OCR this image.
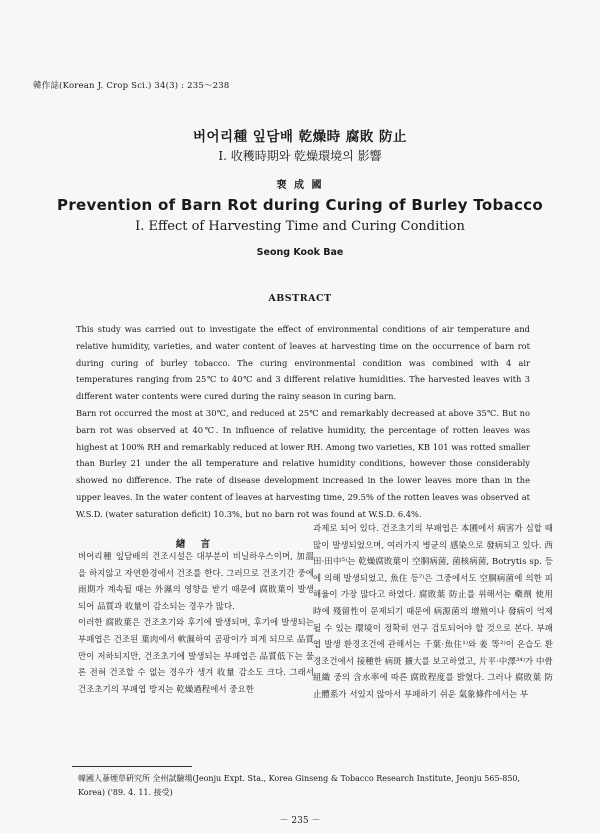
韓作誌(Korean J. Crop Sci.) 34(3) : 235～238
버어리種 잎담배 乾燥時 腐敗 防止
Ⅰ. 收穫時期와 乾燥環境의 影響
裵 成 國
Prevention of Barn Rot during Curing of Burley Tobacco
Ⅰ. Effect of Harvesting Time and Curing Condition
Seong Kook Bae
ABSTRACT

This study was carried out to investigate the effect of environmental conditions of air temperature and relative humidity, varieties, and water content of leaves at harvesting time on the occurrence of barn rot during curing of burley tobacco. The curing environmental condition was combined with 4 air temperatures ranging from 25℃ to 40℃ and 3 different relative humidities. The harvested leaves with 3 different water contents were cured during the rainy season in curing barn.

Barn rot occurred the most at 30℃, and reduced at 25℃ and remarkably decreased at above 35℃. But no barn rot was observed at 40℃. In influence of relative humidity, the percentage of rotten leaves was highest at 100% RH and remarkably reduced at lower RH. Among two varieties, KB 101 was rotted smaller than Burley 21 under the all temperature and relative humidity conditions, however those considerably showed no difference. The rate of disease development increased in the lower leaves more than in the upper leaves. In the water content of leaves at harvesting time, 29.5% of the rotten leaves was observed at W.S.D. (water saturation deficit) 10.3%, but no barn rot was found at W.S.D. 6.4%.

緖 言

버어리種 잎담배의 건조시설은 대부분이 비닐하우스이며, 加溫을 하지않고 자연환경에서 건조를 한다. 그러므로 건조기간 중에 雨期가 계속될 때는 外濕의 영향을 받기 때문에 腐敗葉이 발생되어 品質과 收量이 감소되는 경우가 많다.

이러한 腐敗葉은 건조초기와 후기에 발생되며, 후기에 발생되는 부패엽은 건조된 葉肉에서 軟濕하여 곰팡이가 피게 되므로 品質만이 저하되지만, 건조초기에 발생되는 부패엽은 品質低下는 물론 전혀 건조할 수 없는 경우가 생겨 收量 감소도 크다. 그래서 건조초기의 부패엽 방지는 乾燥過程에서 중요한

과제로 되어 있다. 건조초기의 부패엽은 本圃에서 病害가 심할 때 많이 발생되었으며, 여러가지 병균의 感染으로 發病되고 있다. 西田·田中⁵⁾는 乾燥腐敗葉이 空胴病菌, 菌核病菌, Botrytis sp. 등에 의해 발생되었고, 魚住 등⁷⁾은 그중에서도 空胴病菌에 의한 피해율이 가장 많다고 하였다. 腐敗葉 防止를 위해서는 藥劑 使用時에 殘留性이 문제되기 때문에 病源菌의 增殖이나 發病이 억제될 수 있는 環境이 정확히 연구 검토되어야 할 것으로 본다. 부패엽 발생 환경조건에 관해서는 千葉·魚住¹⁾와 姜 等²⁾이 온습도 환경조건에서 接種한 病斑 擴大를 보고하였고, 片平·中澤³⁴⁾가 中骨組織 중의 含水率에 따른 腐敗程度를 밝혔다. 그러나 腐敗葉 防止體系가 서있지 않아서 부패하기 쉬운 氣象條件에서는 부

韓國人蔘煙草硏究所 全州試驗場(Jeonju Expt. Sta., Korea Ginseng & Tobacco Research Institute, Jeonju 565-850, Korea) ('89. 4. 11. 接受)
－ 235 －
